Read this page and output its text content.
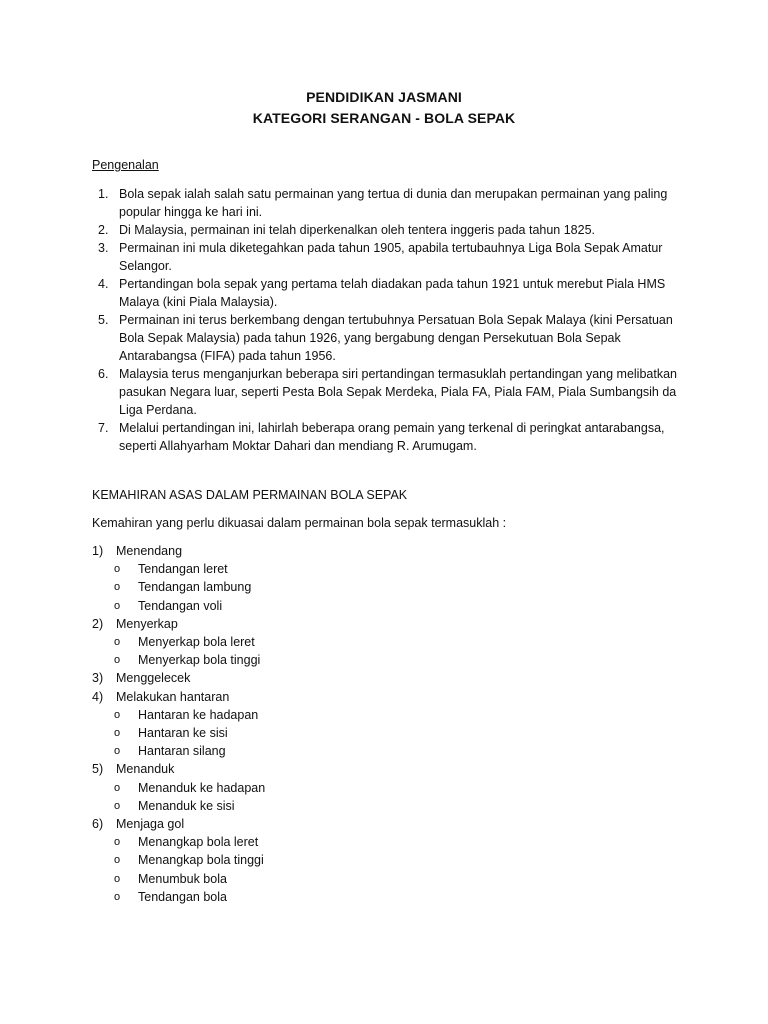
PENDIDIKAN JASMANI
KATEGORI SERANGAN - BOLA SEPAK
Pengenalan
1. Bola sepak ialah salah satu permainan yang tertua di dunia dan merupakan permainan yang paling popular hingga ke hari ini.
2. Di Malaysia, permainan ini telah diperkenalkan oleh tentera inggeris pada tahun 1825.
3. Permainan ini mula diketegahkan pada tahun 1905, apabila tertubauhnya Liga Bola Sepak Amatur Selangor.
4. Pertandingan bola sepak yang pertama telah diadakan pada tahun 1921 untuk merebut Piala HMS Malaya (kini Piala Malaysia).
5. Permainan ini terus berkembang dengan tertubuhnya Persatuan Bola Sepak Malaya (kini Persatuan Bola Sepak Malaysia) pada tahun 1926, yang bergabung dengan Persekutuan Bola Sepak Antarabangsa (FIFA) pada tahun 1956.
6. Malaysia terus menganjurkan beberapa siri pertandingan termasuklah pertandingan yang melibatkan pasukan Negara luar, seperti Pesta Bola Sepak Merdeka, Piala FA, Piala FAM, Piala Sumbangsih da Liga Perdana.
7. Melalui pertandingan ini, lahirlah beberapa orang pemain yang terkenal di peringkat antarabangsa, seperti Allahyarham Moktar Dahari dan mendiang R. Arumugam.
KEMAHIRAN ASAS DALAM PERMAINAN BOLA SEPAK
Kemahiran yang perlu dikuasai dalam permainan bola sepak termasuklah :
1) Menendang
o Tendangan leret
o Tendangan lambung
o Tendangan voli
2) Menyerkap
o Menyerkap bola leret
o Menyerkap bola tinggi
3) Menggelecek
4) Melakukan hantaran
o Hantaran ke hadapan
o Hantaran ke sisi
o Hantaran silang
5) Menanduk
o Menanduk ke hadapan
o Menanduk ke sisi
6) Menjaga gol
o Menangkap bola leret
o Menangkap bola tinggi
o Menumbuk bola
o Tendangan bola
